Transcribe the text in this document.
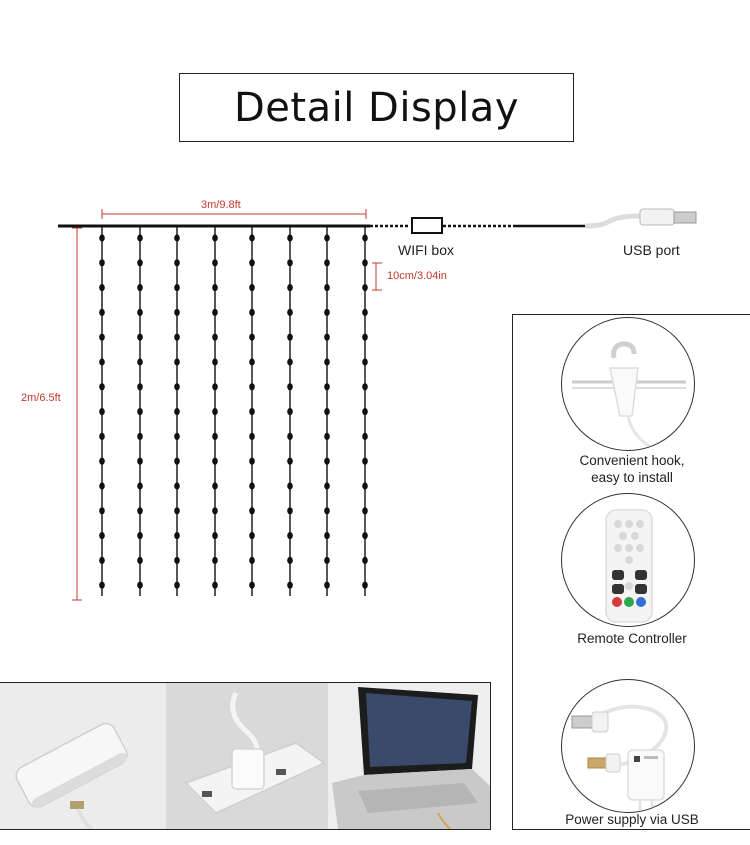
Detail Display
3m/9.8ft
2m/6.5ft
10cm/3.04in
WIFI box	USB port
Convenient hook,
easy to install
Remote Controller
Power supply via USB
